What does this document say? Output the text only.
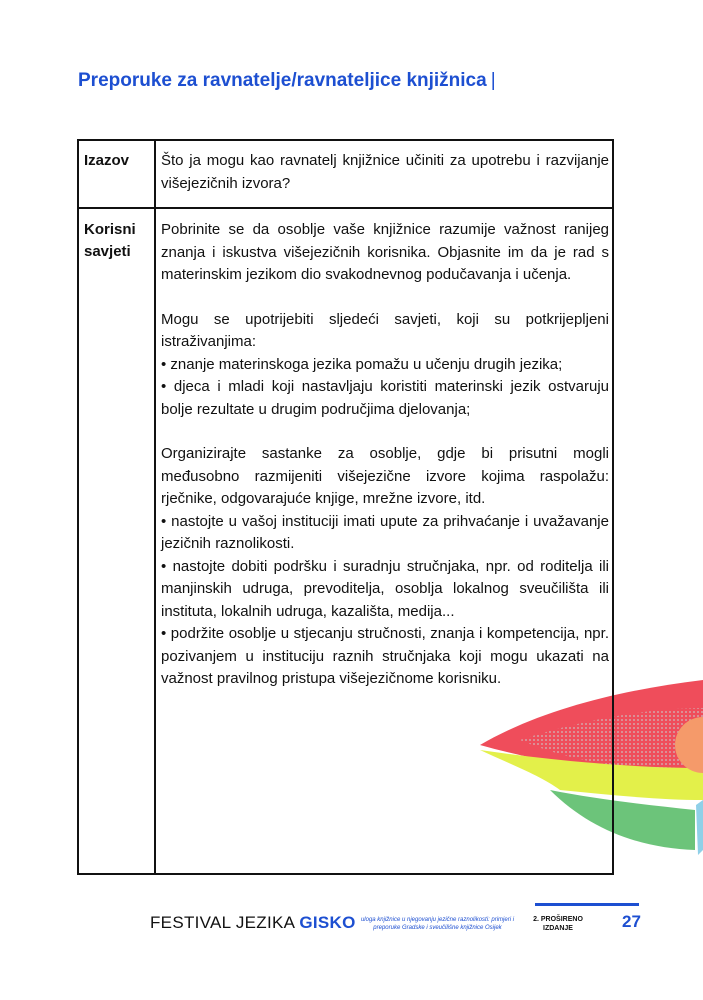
Preporuke za ravnatelje/ravnateljice knjižnica |
Izazov Što ja mogu kao ravnatelj knjižnice učiniti za upotrebu i razvijanje višejezičnih izvora?
Korisni savjeti

Pobrinite se da osoblje vaše knjižnice razumije važnost ranijeg znanja i iskustva višejezičnih korisnika. Objasnite im da je rad s materinskim jezikom dio svakodnevnog podučavanja i učenja.

Mogu se upotrijebiti sljedeći savjeti, koji su potkrijepljeni istraživanjima:

• znanje materinskoga jezika pomažu u učenju drugih jezika;

• djeca i mladi koji nastavljaju koristiti materinski jezik ostvaruju bolje rezultate u drugim područjima djelovanja;

Organizirajte sastanke za osoblje, gdje bi prisutni mogli međusobno razmijeniti višejezične izvore kojima raspolažu: rječnike, odgovarajuće knjige, mrežne izvore, itd.

• nastojte u vašoj instituciji imati upute za prihvaćanje i uvažavanje jezičnih raznolikosti.

• nastojte dobiti podršku i suradnju stručnjaka, npr. od roditelja ili manjinskih udruga, prevoditelja, osoblja lokalnog sveučilišta ili instituta, lokalnih udruga, kazališta, medija...

• podržite osoblje u stjecanju stručnosti, znanja i kompetencija, npr. pozivanjem u instituciju raznih stručnjaka koji mogu ukazati na važnost pravilnog pristupa višejezičnome korisniku.

FESTIVAL JEZIKA GISKO uloga knjižnice u njegovanju jezične raznolikosti: primjeri i preporuke Gradske i sveučilišne knjižnice Osijek
2. PROŠIRENO
IZDANJE	27
